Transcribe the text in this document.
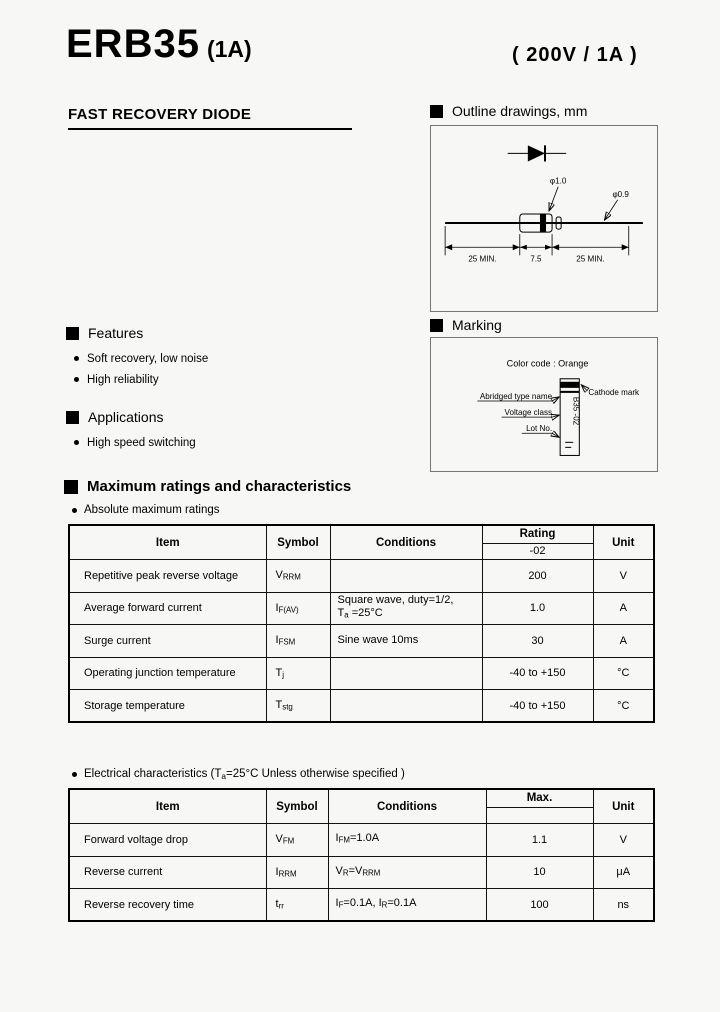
ERB35 (1A)	( 200V / 1A )
FAST RECOVERY DIODE	Outline drawings, mm
φ1.0
φ0.9
25 MIN.	7.5	25 MIN.
Features
Soft recovery, low noise
High reliability
Applications
High speed switching
Marking
Color code : Orange
B35 -02
Abridged type name
Voltage class
Lot No.
Cathode mark
Maximum ratings and characteristics
Absolute maximum ratings
Item	Symbol	Conditions	Rating
-02	Unit
Repetitive peak reverse voltage	VRRM		200	V
Average forward current	IF(AV)	Square wave, duty=1/2,
Ta =25°C	1.0	A
Surge current	IFSM	Sine wave 10ms	30	A
Operating junction temperature	Tj		-40 to +150	°C
Storage temperature	Tstg		-40 to +150	°C
Electrical characteristics (Ta=25°C Unless otherwise specified )
Item	Symbol	Conditions	Max.	Unit
Forward voltage drop	VFM	IFM=1.0A	1.1	V
Reverse current	IRRM	VR=VRRM	10	μA
Reverse recovery time	trr	IF=0.1A, IR=0.1A	100	ns
